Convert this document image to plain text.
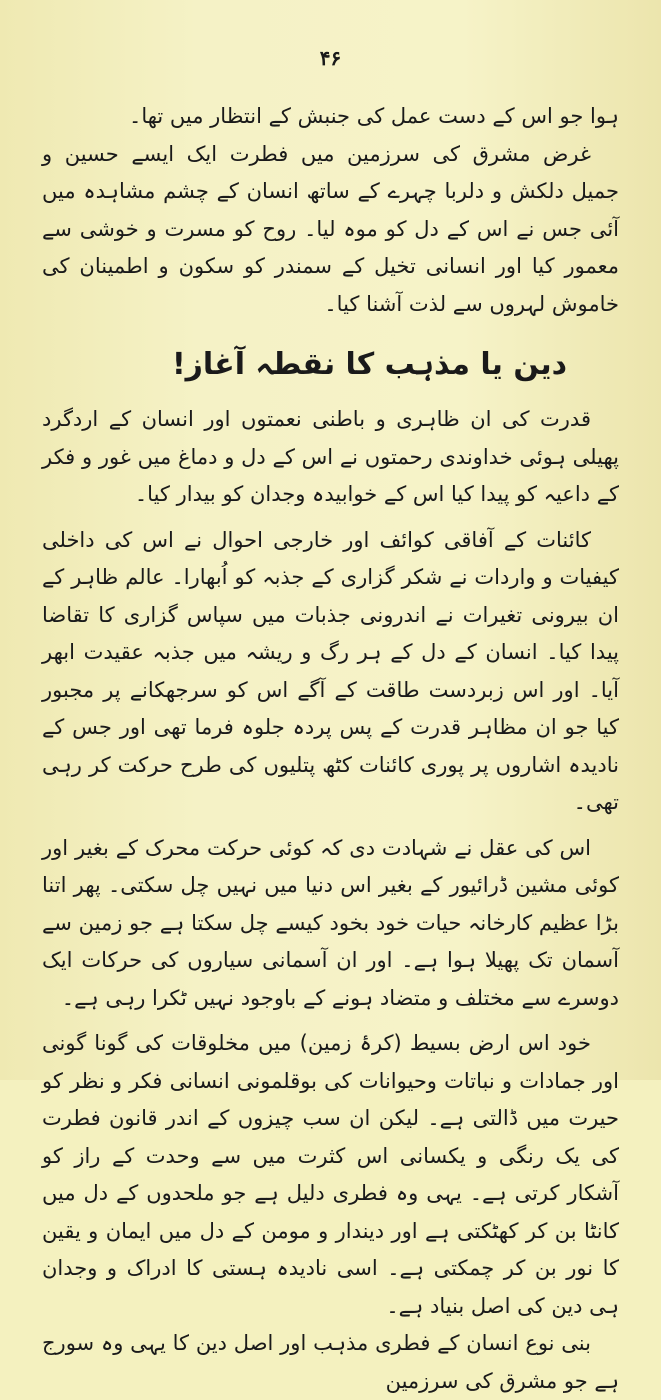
۴۶

ہوا جو اس کے دست عمل کی جنبش کے انتظار میں تھا۔

غرض مشرق کی سرزمین میں فطرت ایک ایسے حسین و جمیل دلکش و دلربا چہرے کے ساتھ انسان کے چشم مشاہدہ میں آئی جس نے اس کے دل کو موہ لیا۔ روح کو مسرت و خوشی سے معمور کیا اور انسانی تخیل کے سمندر کو سکون و اطمینان کی خاموش لہروں سے لذت آشنا کیا۔

دین یا مذہب کا نقطہ آغاز!

قدرت کی ان ظاہری و باطنی نعمتوں اور انسان کے اردگرد پھیلی ہوئی خداوندی رحمتوں نے اس کے دل و دماغ میں غور و فکر کے داعیہ کو پیدا کیا اس کے خوابیدہ وجدان کو بیدار کیا۔

کائنات کے آفاقی کوائف اور خارجی احوال نے اس کی داخلی کیفیات و واردات نے شکر گزاری کے جذبہ کو اُبھارا۔ عالم ظاہر کے ان بیرونی تغیرات نے اندرونی جذبات میں سپاس گزاری کا تقاضا پیدا کیا۔ انسان کے دل کے ہر رگ و ریشہ میں جذبہ عقیدت ابھر آیا۔ اور اس زبردست طاقت کے آگے اس کو سرجھکانے پر مجبور کیا جو ان مظاہر قدرت کے پس پردہ جلوہ فرما تھی اور جس کے نادیدہ اشاروں پر پوری کائنات کٹھ پتلیوں کی طرح حرکت کر رہی تھی۔

اس کی عقل نے شہادت دی کہ کوئی حرکت محرک کے بغیر اور کوئی مشین ڈرائیور کے بغیر اس دنیا میں نہیں چل سکتی۔ پھر اتنا بڑا عظیم کارخانہ حیات خود بخود کیسے چل سکتا ہے جو زمین سے آسمان تک پھیلا ہوا ہے۔ اور ان آسمانی سیاروں کی حرکات ایک دوسرے سے مختلف و متضاد ہونے کے باوجود نہیں ٹکرا رہی ہے۔

خود اس ارض بسیط (کرۂ زمین) میں مخلوقات کی گونا گونی اور جمادات و نباتات وحیوانات کی بوقلمونی انسانی فکر و نظر کو حیرت میں ڈالتی ہے۔ لیکن ان سب چیزوں کے اندر قانون فطرت کی یک رنگی و یکسانی اس کثرت میں سے وحدت کے راز کو آشکار کرتی ہے۔ یہی وہ فطری دلیل ہے جو ملحدوں کے دل میں کانٹا بن کر کھٹکتی ہے اور دیندار و مومن کے دل میں ایمان و یقین کا نور بن کر چمکتی ہے۔ اسی نادیدہ ہستی کا ادراک و وجدان ہی دین کی اصل بنیاد ہے۔

بنی نوع انسان کے فطری مذہب اور اصل دین کا یہی وہ سورج ہے جو مشرق کی سرزمین
